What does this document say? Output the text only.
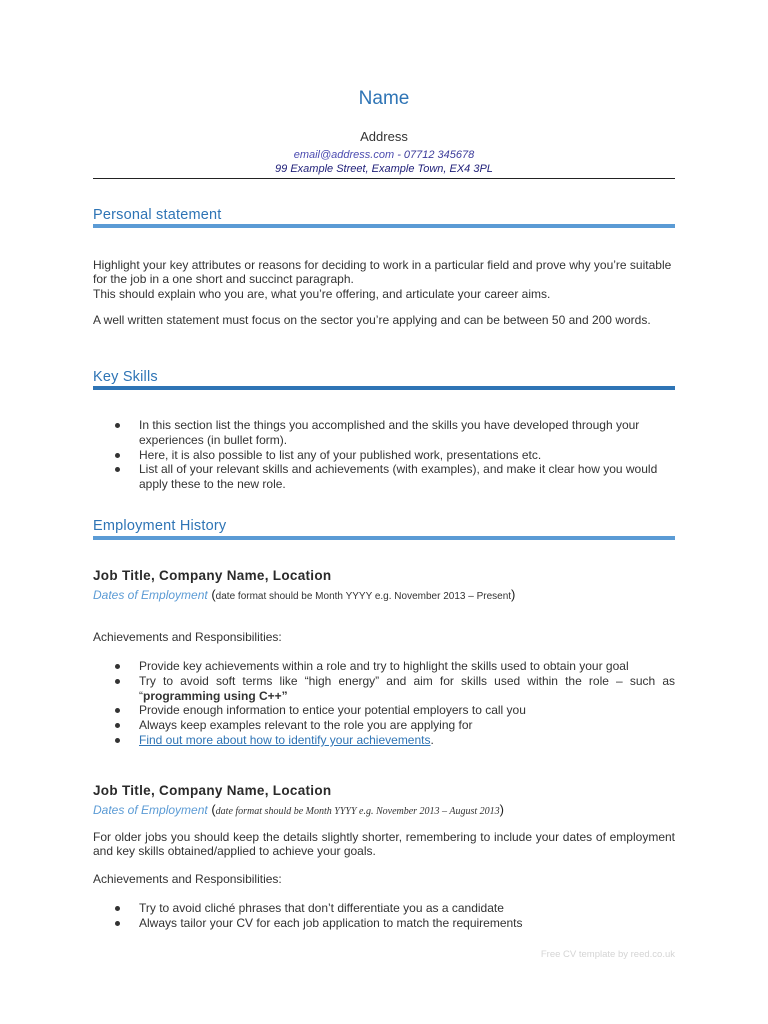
Name
Address
email@address.com - 07712 345678
99 Example Street, Example Town, EX4 3PL
Personal statement
Highlight your key attributes or reasons for deciding to work in a particular field and prove why you’re suitable for the job in a one short and succinct paragraph.
This should explain who you are, what you’re offering, and articulate your career aims.
A well written statement must focus on the sector you’re applying and can be between 50 and 200 words.
Key Skills
In this section list the things you accomplished and the skills you have developed through your experiences (in bullet form).
Here, it is also possible to list any of your published work, presentations etc.
List all of your relevant skills and achievements (with examples), and make it clear how you would apply these to the new role.
Employment History
Job Title, Company Name, Location
Dates of Employment (date format should be Month YYYY e.g. November 2013 – Present)
Achievements and Responsibilities:
Provide key achievements within a role and try to highlight the skills used to obtain your goal
Try to avoid soft terms like “high energy” and aim for skills used within the role – such as “programming using C++”
Provide enough information to entice your potential employers to call you
Always keep examples relevant to the role you are applying for
Find out more about how to identify your achievements.
Job Title, Company Name, Location
Dates of Employment (date format should be Month YYYY e.g. November 2013 – August 2013)
For older jobs you should keep the details slightly shorter, remembering to include your dates of employment and key skills obtained/applied to achieve your goals.
Achievements and Responsibilities:
Try to avoid cliché phrases that don’t differentiate you as a candidate
Always tailor your CV for each job application to match the requirements
Free CV template by reed.co.uk
